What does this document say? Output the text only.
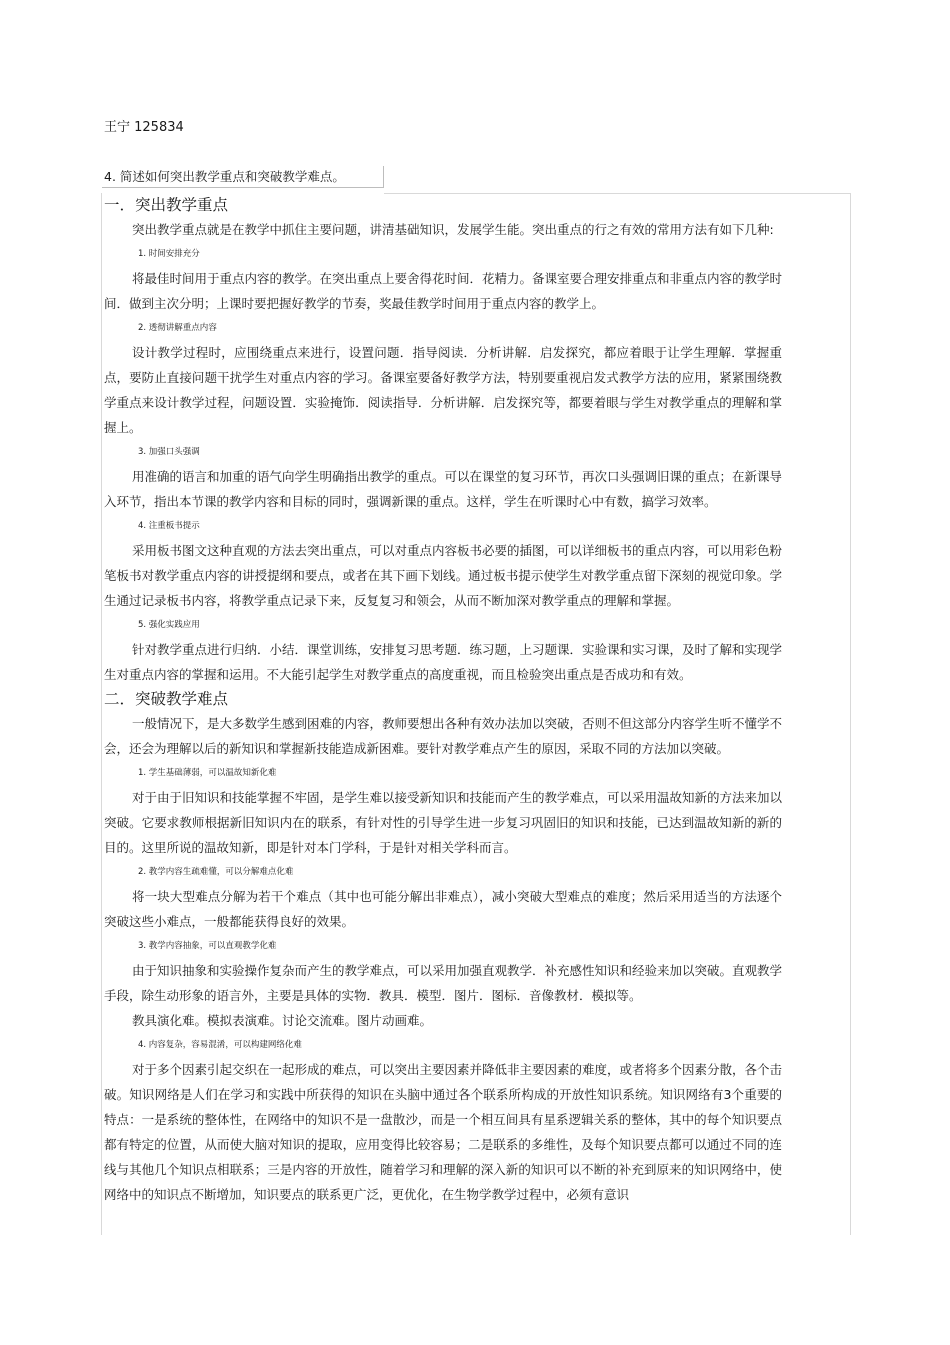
王宁 125834
4. 简述如何突出教学重点和突破教学难点。
一．突出教学重点

突出教学重点就是在教学中抓住主要问题，讲清基础知识，发展学生能。突出重点的行之有效的常用方法有如下几种:

1. 时间安排充分

将最佳时间用于重点内容的教学。在突出重点上要舍得花时间．花精力。备课室要合理安排重点和非重点内容的教学时间．做到主次分明；上课时要把握好教学的节奏，奖最佳教学时间用于重点内容的教学上。

2. 透彻讲解重点内容

设计教学过程时，应围绕重点来进行，设置问题．指导阅读．分析讲解．启发探究，都应着眼于让学生理解．掌握重点，要防止直接问题干扰学生对重点内容的学习。备课室要备好教学方法，特别要重视启发式教学方法的应用，紧紧围绕教学重点来设计教学过程，问题设置．实验掩饰．阅读指导．分析讲解．启发探究等，都要着眼与学生对教学重点的理解和掌握上。

3. 加强口头强调

用准确的语言和加重的语气向学生明确指出教学的重点。可以在课堂的复习环节，再次口头强调旧课的重点；在新课导入环节，指出本节课的教学内容和目标的同时，强调新课的重点。这样，学生在听课时心中有数，搞学习效率。

4. 注重板书提示

采用板书图文这种直观的方法去突出重点，可以对重点内容板书必要的插图，可以详细板书的重点内容，可以用彩色粉笔板书对教学重点内容的讲授提纲和要点，或者在其下画下划线。通过板书提示使学生对教学重点留下深刻的视觉印象。学生通过记录板书内容，将教学重点记录下来，反复复习和领会，从而不断加深对教学重点的理解和掌握。

5. 强化实践应用

针对教学重点进行归纳．小结．课堂训练，安排复习思考题．练习题，上习题课．实验课和实习课，及时了解和实现学生对重点内容的掌握和运用。不大能引起学生对教学重点的高度重视，而且检验突出重点是否成功和有效。

二．突破教学难点

一般情况下，是大多数学生感到困难的内容，教师要想出各种有效办法加以突破，否则不但这部分内容学生听不懂学不会，还会为理解以后的新知识和掌握新技能造成新困难。要针对教学难点产生的原因，采取不同的方法加以突破。

1. 学生基础薄弱，可以温故知新化难

对于由于旧知识和技能掌握不牢固，是学生难以接受新知识和技能而产生的教学难点，可以采用温故知新的方法来加以突破。它要求教师根据新旧知识内在的联系，有针对性的引导学生进一步复习巩固旧的知识和技能，已达到温故知新的新的目的。这里所说的温故知新，即是针对本门学科，于是针对相关学科而言。

2. 教学内容生疏难懂，可以分解难点化难

将一块大型难点分解为若干个难点（其中也可能分解出非难点），减小突破大型难点的难度；然后采用适当的方法逐个突破这些小难点，一般都能获得良好的效果。

3. 教学内容抽象，可以直观教学化难

由于知识抽象和实验操作复杂而产生的教学难点，可以采用加强直观教学．补充感性知识和经验来加以突破。直观教学手段，除生动形象的语言外，主要是具体的实物．教具．模型．图片．图标．音像教材．模拟等。

教具演化难。模拟表演难。讨论交流难。图片动画难。

4. 内容复杂，容易混淆，可以构建网络化难

对于多个因素引起交织在一起形成的难点，可以突出主要因素并降低非主要因素的难度，或者将多个因素分散，各个击破。知识网络是人们在学习和实践中所获得的知识在头脑中通过各个联系所构成的开放性知识系统。知识网络有3个重要的特点：一是系统的整体性，在网络中的知识不是一盘散沙，而是一个相互间具有星系逻辑关系的整体，其中的每个知识要点都有特定的位置，从而使大脑对知识的提取，应用变得比较容易；二是联系的多维性，及每个知识要点都可以通过不同的连线与其他几个知识点相联系；三是内容的开放性，随着学习和理解的深入新的知识可以不断的补充到原来的知识网络中，使网络中的知识点不断增加，知识要点的联系更广泛，更优化，在生物学教学过程中，必须有意识
